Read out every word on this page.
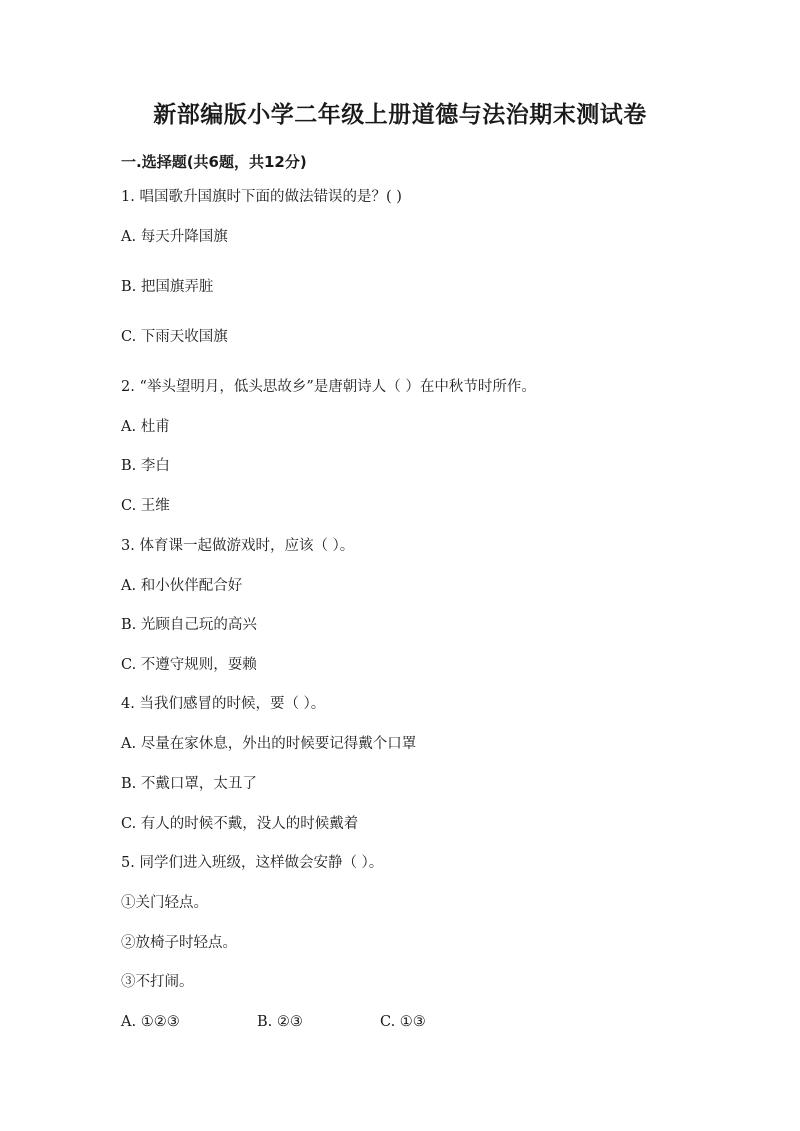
新部编版小学二年级上册道德与法治期末测试卷
一.选择题(共6题，共12分)
1. 唱国歌升国旗时下面的做法错误的是？( )
A. 每天升降国旗
B. 把国旗弄脏
C. 下雨天收国旗
2. “举头望明月，低头思故乡”是唐朝诗人（ ）在中秋节时所作。
A. 杜甫
B. 李白
C. 王维
3. 体育课一起做游戏时，应该（ ）。
A. 和小伙伴配合好
B. 光顾自己玩的高兴
C. 不遵守规则，耍赖
4. 当我们感冒的时候，要（ ）。
A. 尽量在家休息，外出的时候要记得戴个口罩
B. 不戴口罩，太丑了
C. 有人的时候不戴，没人的时候戴着
5. 同学们进入班级，这样做会安静（ ）。
①关门轻点。
②放椅子时轻点。
③不打闹。
A. ①②③	B. ②③	C. ①③
